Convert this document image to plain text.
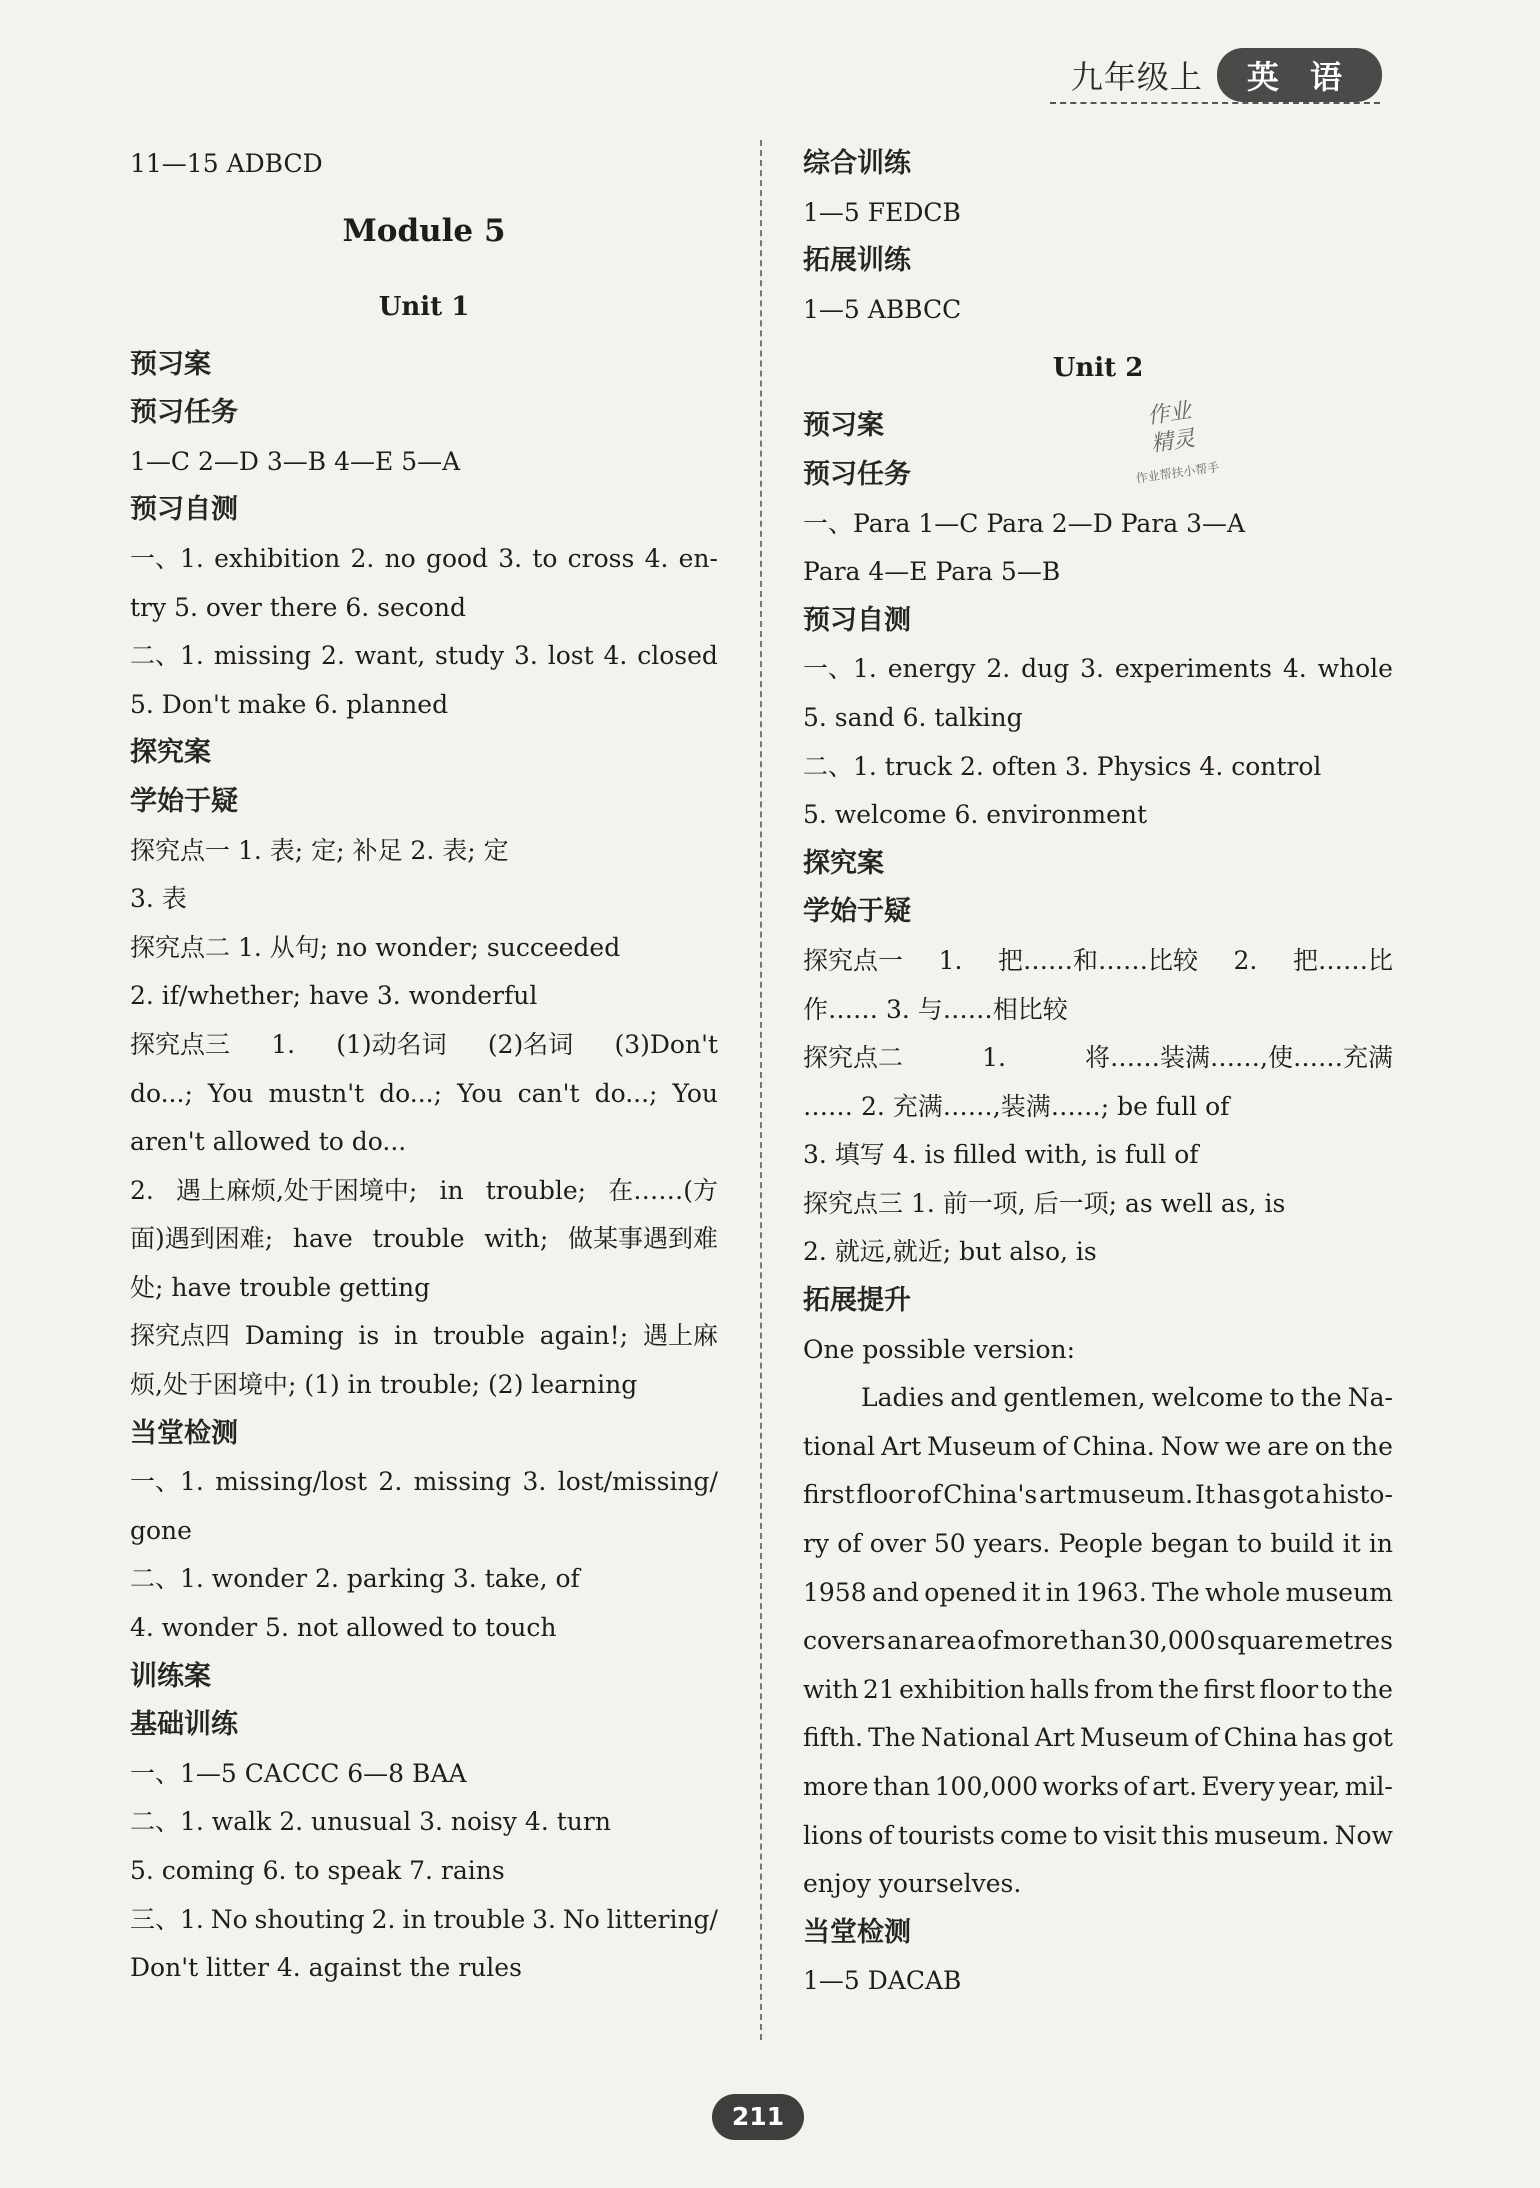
九年级上	英 语
11—15 ADBCD
Module 5
Unit 1
预习案
预习任务
1—C 2—D 3—B 4—E 5—A
预习自测
一、1. exhibition 2. no good 3. to cross 4. en-
try 5. over there 6. second
二、1. missing 2. want, study 3. lost 4. closed
5. Don't make 6. planned
探究案
学始于疑
探究点一 1. 表; 定; 补足 2. 表; 定
3. 表
探究点二 1. 从句; no wonder; succeeded
2. if/whether; have 3. wonderful
探究点三 1. (1)动名词 (2)名词 (3)Don't
do...; You mustn't do...; You can't do...; You
aren't allowed to do...
2. 遇上麻烦,处于困境中; in trouble; 在……(方
面)遇到困难; have trouble with; 做某事遇到难
处; have trouble getting
探究点四 Daming is in trouble again!; 遇上麻
烦,处于困境中; (1) in trouble; (2) learning
当堂检测
一、1. missing/lost 2. missing 3. lost/missing/
gone
二、1. wonder 2. parking 3. take, of
4. wonder 5. not allowed to touch
训练案
基础训练
一、1—5 CACCC 6—8 BAA
二、1. walk 2. unusual 3. noisy 4. turn
5. coming 6. to speak 7. rains
三、1. No shouting 2. in trouble 3. No littering/
Don't litter 4. against the rules
综合训练
1—5 FEDCB
拓展训练
1—5 ABBCC
Unit 2
预习案
预习任务
一、Para 1—C Para 2—D Para 3—A
Para 4—E Para 5—B
预习自测
一、1. energy 2. dug 3. experiments 4. whole
5. sand 6. talking
二、1. truck 2. often 3. Physics 4. control
5. welcome 6. environment
探究案
学始于疑
探究点一 1. 把……和……比较 2. 把……比
作…… 3. 与……相比较
探究点二	1.	将……装满……,使……充满
…… 2. 充满……,装满……; be full of
3. 填写 4. is filled with, is full of
探究点三 1. 前一项, 后一项; as well as, is
2. 就远,就近; but also, is
拓展提升
One possible version:
Ladies and gentlemen, welcome to the Na-
tional Art Museum of China. Now we are on the
first floor of China's art museum. It has got a histo-
ry of over 50 years. People began to build it in
1958 and opened it in 1963. The whole museum
covers an area of more than 30,000 square metres
with 21 exhibition halls from the first floor to the
fifth. The National Art Museum of China has got
more than 100,000 works of art. Every year, mil-
lions of tourists come to visit this museum. Now
enjoy yourselves.
当堂检测
1—5 DACAB
作业
精灵
作业帮扶小帮手
211
